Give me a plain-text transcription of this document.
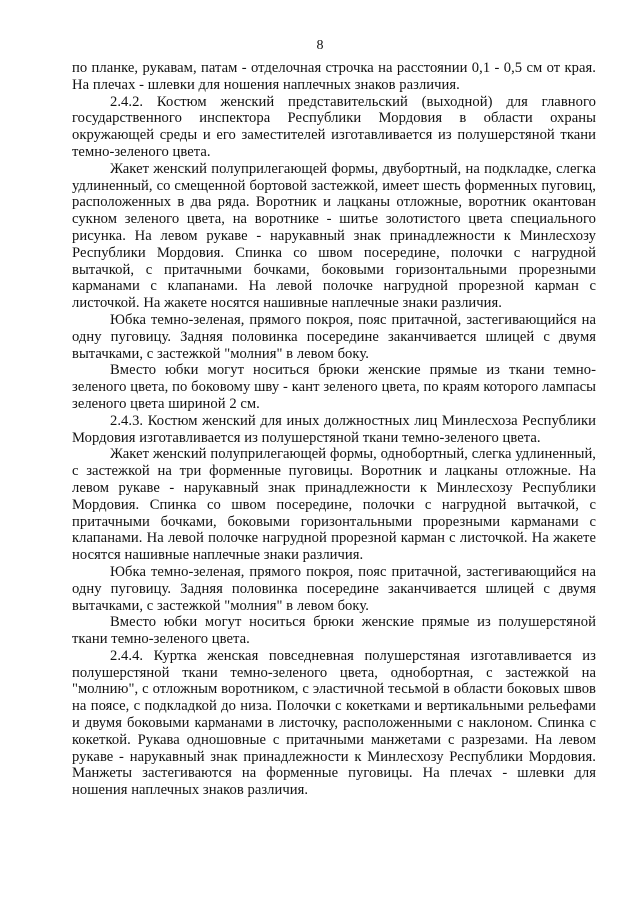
8

по планке, рукавам, патам - отделочная строчка на расстоянии 0,1 - 0,5 см от края. На плечах - шлевки для ношения наплечных знаков различия.

2.4.2. Костюм женский представительский (выходной) для главного государственного инспектора Республики Мордовия в области охраны окружающей среды и его заместителей изготавливается из полушерстяной ткани темно-зеленого цвета.

Жакет женский полуприлегающей формы, двубортный, на подкладке, слегка удлиненный, со смещенной бортовой застежкой, имеет шесть форменных пуговиц, расположенных в два ряда. Воротник и лацканы отложные, воротник окантован сукном зеленого цвета, на воротнике - шитье золотистого цвета специального рисунка. На левом рукаве - нарукавный знак принадлежности к Минлесхозу Республики Мордовия. Спинка со швом посередине, полочки с нагрудной вытачкой, с притачными бочками, боковыми горизонтальными прорезными карманами с клапанами. На левой полочке нагрудной прорезной карман с листочкой. На жакете носятся нашивные наплечные знаки различия.

Юбка темно-зеленая, прямого покроя, пояс притачной, застегивающийся на одну пуговицу. Задняя половинка посередине заканчивается шлицей с двумя вытачками, с застежкой "молния" в левом боку.

Вместо юбки могут носиться брюки женские прямые из ткани темно-зеленого цвета, по боковому шву - кант зеленого цвета, по краям которого лампасы зеленого цвета шириной 2 см.

2.4.3. Костюм женский для иных должностных лиц Минлесхоза Республики Мордовия изготавливается из полушерстяной ткани темно-зеленого цвета.

Жакет женский полуприлегающей формы, однобортный, слегка удлиненный, с застежкой на три форменные пуговицы. Воротник и лацканы отложные. На левом рукаве - нарукавный знак принадлежности к Минлесхозу Республики Мордовия. Спинка со швом посередине, полочки с нагрудной вытачкой, с притачными бочками, боковыми горизонтальными прорезными карманами с клапанами. На левой полочке нагрудной прорезной карман с листочкой. На жакете носятся нашивные наплечные знаки различия.

Юбка темно-зеленая, прямого покроя, пояс притачной, застегивающийся на одну пуговицу. Задняя половинка посередине заканчивается шлицей с двумя вытачками, с застежкой "молния" в левом боку.

Вместо юбки могут носиться брюки женские прямые из полушерстяной ткани темно-зеленого цвета.

2.4.4. Куртка женская повседневная полушерстяная изготавливается из полушерстяной ткани темно-зеленого цвета, однобортная, с застежкой на "молнию", с отложным воротником, с эластичной тесьмой в области боковых швов на поясе, с подкладкой до низа. Полочки с кокетками и вертикальными рельефами и двумя боковыми карманами в листочку, расположенными с наклоном. Спинка с кокеткой. Рукава одношовные с притачными манжетами с разрезами. На левом рукаве - нарукавный знак принадлежности к Минлесхозу Республики Мордовия. Манжеты застегиваются на форменные пуговицы. На плечах - шлевки для ношения наплечных знаков различия.
